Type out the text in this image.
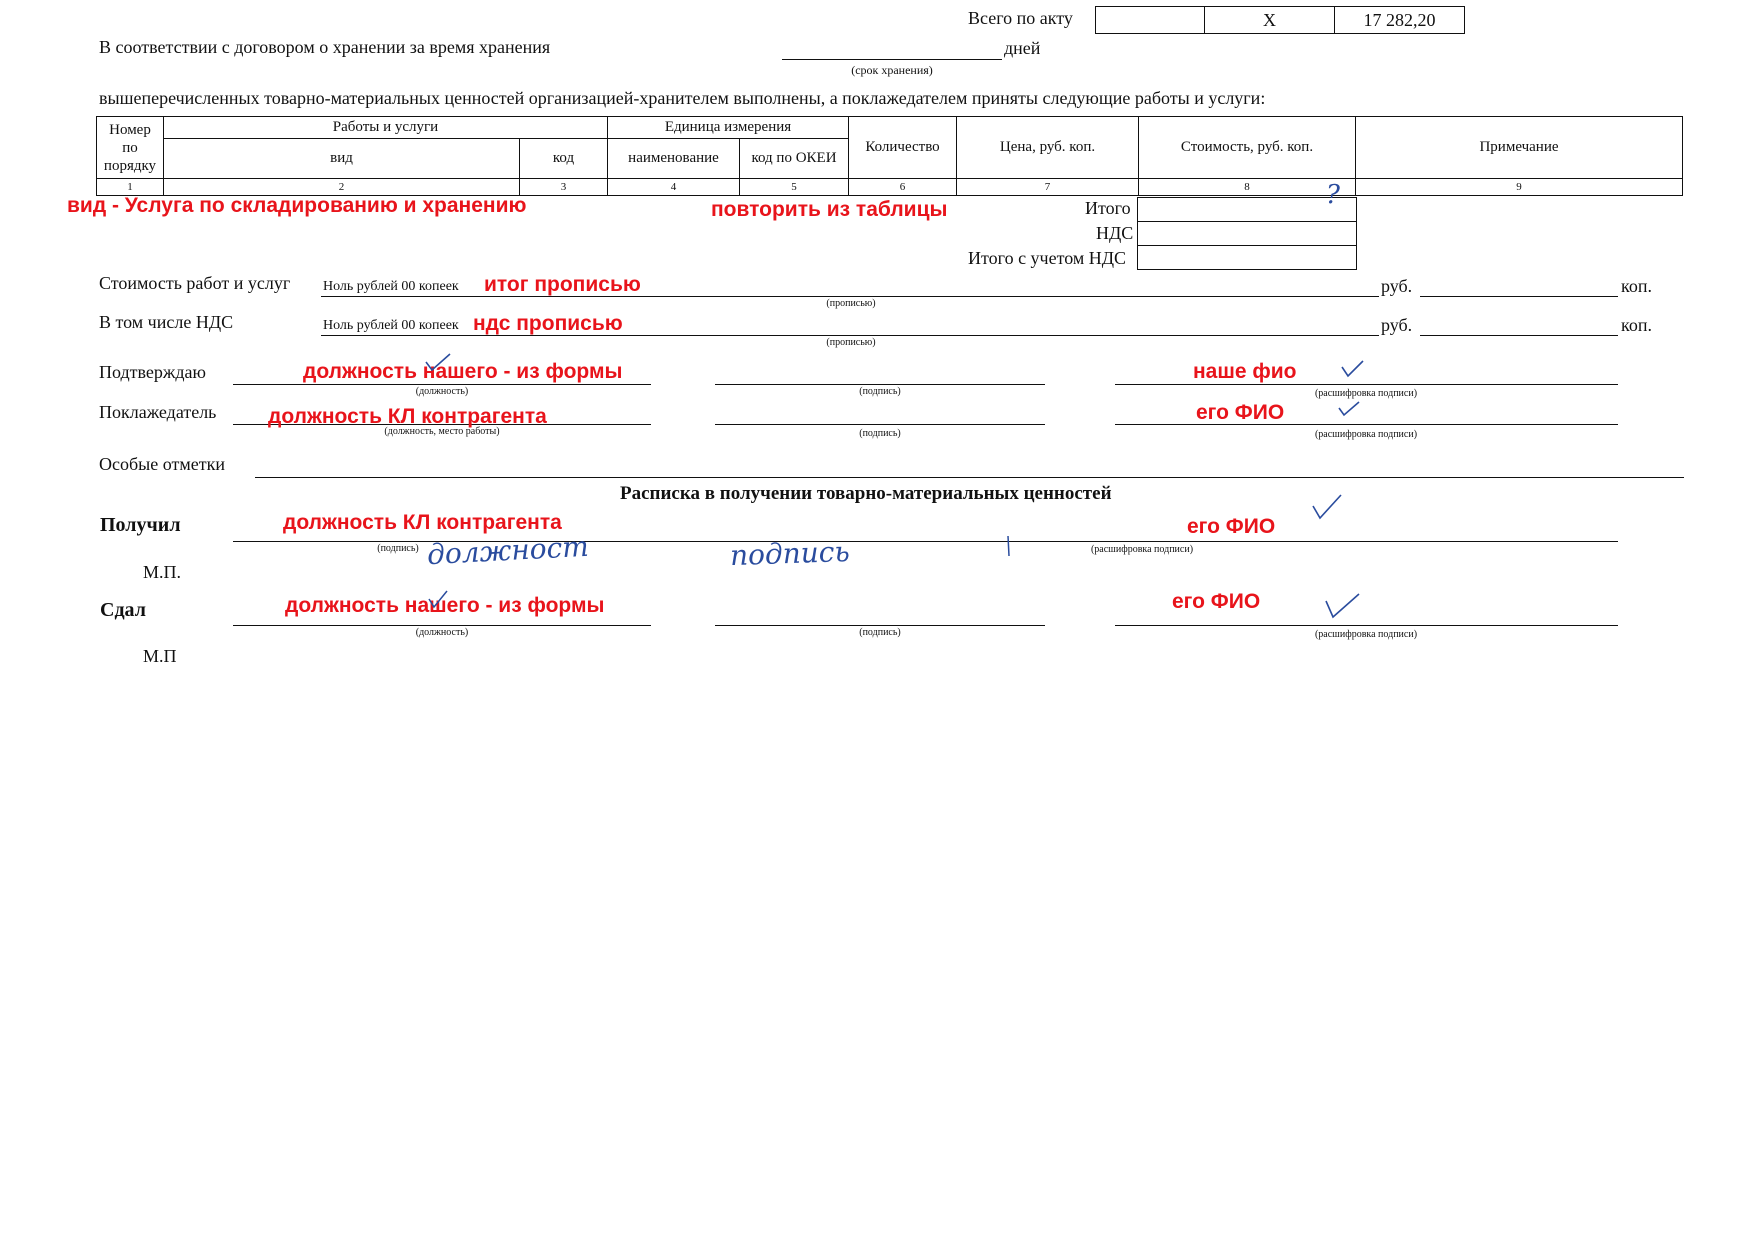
Всего по акту
		X	17 282,20
В соответствии с договором о хранении за время хранения	дней
(срок хранения)
вышеперечисленных товарно-материальных ценностей организацией-хранителем выполнены, а поклажедателем приняты следующие работы и услуги:
Номер
по
порядку	Работы и услуги		Единица измерения		Количество	Цена, руб. коп.	Стоимость, руб. коп.	Примечание
	вид	код	наименование	код по ОКЕИ				
1	2	3	4	5	6	7	8	9
Итого
НДС
Итого с учетом НДС

Стоимость работ и услуг Ноль рублей 00 копеек
(прописью)
руб.	коп.
В том числе НДС	Ноль рублей 00 копеек
(прописью)
руб.	коп.
Подтверждаю
(должность)	(подпись)	(расшифровка подписи)
Поклажедатель
(должность, место работы)	(подпись)	(расшифровка подписи)
Особые отметки
Расписка в получении товарно-материальных ценностей
Получил
(подпись)	(расшифровка подписи)
М.П.
Сдал
(должность)	(подпись)	(расшифровка подписи)
М.П
вид - Услуга по складированию и хранению	повторить из таблицы
итог прописью
ндс прописью
должность нашего - из формы	наше фио
должность КЛ контрагента	его ФИО
должность КЛ контрагента	его ФИО
должность нашего - из формы	его ФИО
должност	подпись
?
